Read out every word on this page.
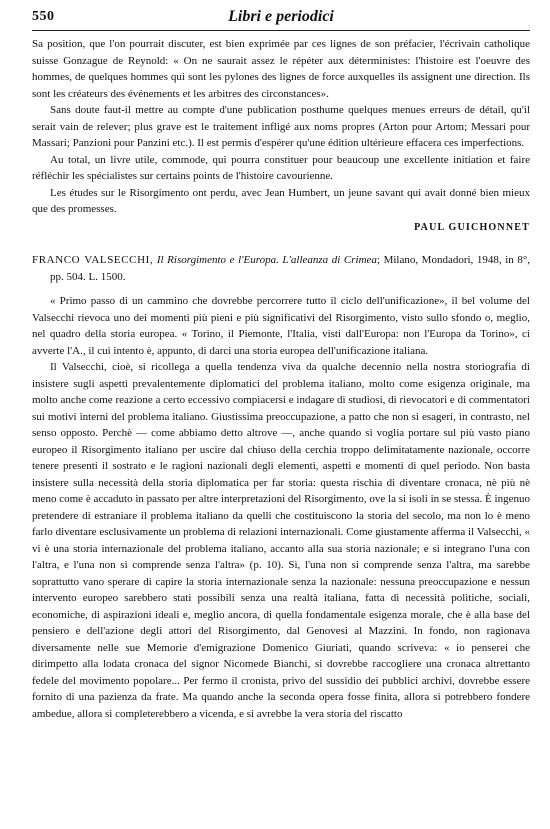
550	Libri e periodici

Sa position, que l'on pourrait discuter, est bien exprimée par ces lignes de son préfacier, l'écrivain catholique suisse Gonzague de Reynold: « On ne saurait assez le répéter aux déterministes: l'histoire est l'oeuvre des hommes, de quelques hommes qui sont les pylones des lignes de force auxquelles ils assignent une direction. Ils sont les créateurs des événements et les arbitres des circonstances».

Sans doute faut-il mettre au compte d'une publication posthume quelques menues erreurs de détail, qu'il serait vain de relever; plus grave est le traitement infligé aux noms propres (Arton pour Artom; Messari pour Massari; Panzioni pour Panzini etc.). Il est permis d'espérer qu'une édition ultérieure effacera ces imperfections.

Au total, un livre utile, commode, qui pourra constituer pour beaucoup une excellente initiation et faire réfléchir les spécialistes sur certains points de l'histoire cavourienne.

Les études sur le Risorgimento ont perdu, avec Jean Humbert, un jeune savant qui avait donné bien mieux que des promesses.

PAUL GUICHONNET

FRANCO VALSECCHI, Il Risorgimento e l'Europa. L'alleanza di Crimea; Milano, Mondadori, 1948, in 8°, pp. 504. L. 1500.

« Primo passo di un cammino che dovrebbe percorrere tutto il ciclo dell'unificazione», il bel volume del Valsecchi rievoca uno dei momenti più pieni e più significativi del Risorgimento, visto sullo sfondo o, meglio, nel quadro della storia europea. « Torino, il Piemonte, l'Italia, visti dall'Europa: non l'Europa da Torino», ci avverte l'A., il cui intento è, appunto, di darci una storia europea dell'unificazione italiana.

Il Valsecchi, cioè, si ricollega a quella tendenza viva da qualche decennio nella nostra storiografia di insistere sugli aspetti prevalentemente diplomatici del problema italiano, molto come esigenza originale, ma molto anche come reazione a certo eccessivo compiacersi e indagare di studiosi, di rievocatori e di commentatori sui motivi interni del problema italiano. Giustissima preoccupazione, a patto che non si esageri, in contrasto, nel senso opposto. Perchè — come abbiamo detto altrove —, anche quando si voglia portare sul più vasto piano europeo il Risorgimento italiano per uscire dal chiuso della cerchia troppo delimitatamente nazionale, occorre tenere presenti il sostrato e le ragioni nazionali degli elementi, aspetti e momenti di quel periodo. Non basta insistere sulla necessità della storia diplomatica per far storia: questa rischia di diventare cronaca, nè più nè meno come è accaduto in passato per altre interpretazioni del Risorgimento, ove la si isoli in se stessa. È ingenuo pretendere di estraniare il problema italiano da quelli che costituiscono la storia del secolo, ma non lo è meno farlo diventare esclusivamente un problema di relazioni internazionali. Come giustamente afferma il Valsecchi, « vi è una storia internazionale del problema italiano, accanto alla sua storia nazionale; e si integrano l'una con l'altra, e l'una non si comprende senza l'altra» (p. 10). Sì, l'una non si comprende senza l'altra, ma sarebbe soprattutto vano sperare di capire la storia internazionale senza la nazionale: nessuna preoccupazione e nessun intervento europeo sarebbero stati possibili senza una realtà italiana, fatta di necessità politiche, sociali, economiche, di aspirazioni ideali e, meglio ancora, di quella fondamentale esigenza morale, che è alla base del pensiero e dell'azione degli attori del Risorgimento, dal Genovesi al Mazzini. In fondo, non ragionava diversamente nelle sue Memorie d'emigrazione Domenico Giuriati, quando scriveva: « io pensereі che dirimpetto alla lodata cronaca del signor Nicomede Bianchi, si dovrebbe raccogliere una cronaca altrettanto fedele del movimento popolare... Per fermo il cronista, privo del sussidio dei pubblici archivi, dovrebbe essere fornito di una pazienza da frate. Ma quando anche la seconda opera fosse finita, allora si potrebbero fondere ambedue, allora si completerebbero a vicenda, e si avrebbe la vera storia del riscatto
